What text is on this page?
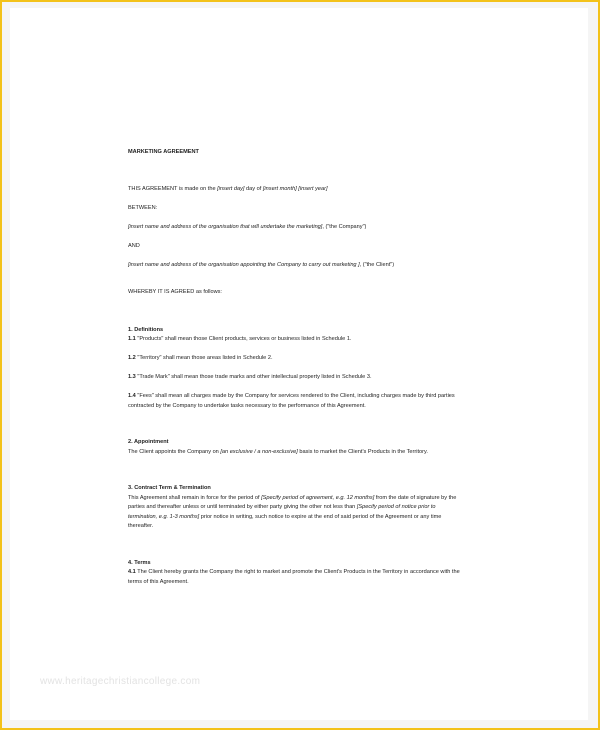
MARKETING AGREEMENT

THIS AGREEMENT is made on the [insert day] day of [insert month] [insert year]

BETWEEN:

[insert name and address of the organisation that will undertake the marketing], ("the Company")

AND

[insert name and address of the organisation appointing the Company to carry out marketing ], ("the Client")

WHEREBY IT IS AGREED as follows:

1. Definitions

1.1 "Products" shall mean those Client products, services or business listed in Schedule 1.

1.2 "Territory" shall mean those areas listed in Schedule 2.

1.3 "Trade Mark" shall mean those trade marks and other intellectual property listed in Schedule 3.

1.4 "Fees" shall mean all charges made by the Company for services rendered to the Client, including charges made by third parties contracted by the Company to undertake tasks necessary to the performance of this Agreement.

2. Appointment

The Client appoints the Company on [an exclusive / a non-exclusive] basis to market the Client's Products in the Territory.

3. Contract Term & Termination

This Agreement shall remain in force for the period of [Specify period of agreement, e.g. 12 months] from the date of signature by the parties and thereafter unless or until terminated by either party giving the other not less than [Specify period of notice prior to termination, e.g. 1-3 months] prior notice in writing, such notice to expire at the end of said period of the Agreement or any time thereafter.

4. Terms

4.1 The Client hereby grants the Company the right to market and promote the Client's Products in the Territory in accordance with the terms of this Agreement.

www.heritagechristiancollege.com
